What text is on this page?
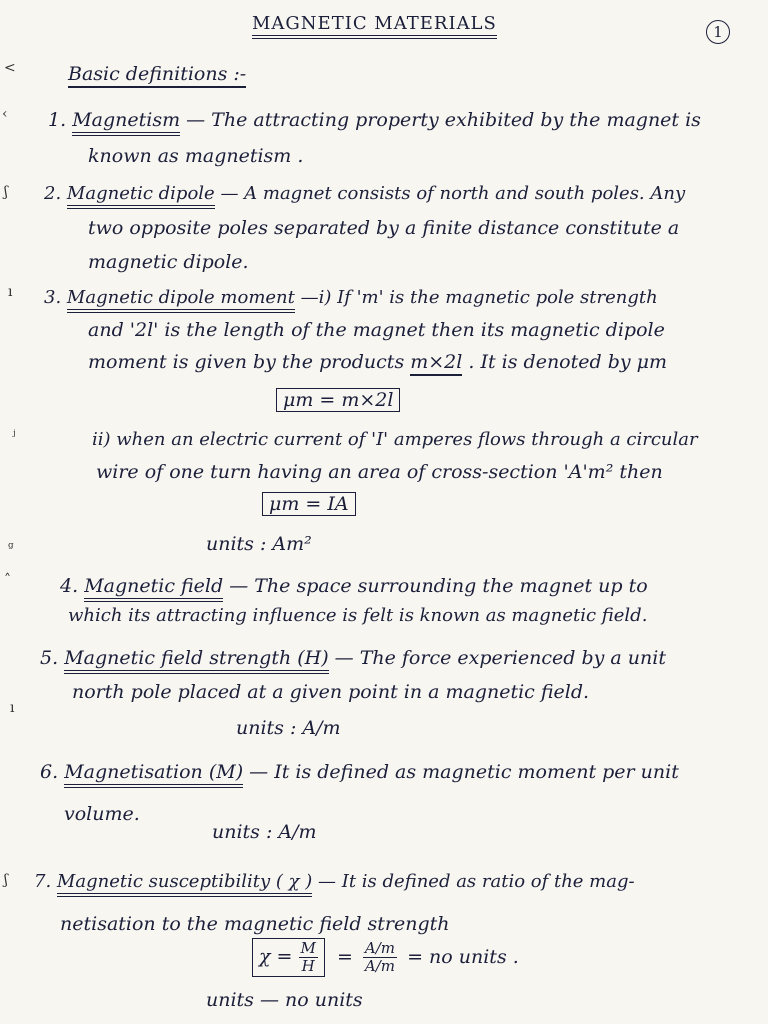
MAGNETIC MATERIALS	1
Basic definitions :-
1. Magnetism — The attracting property exhibited by the magnet is
known as magnetism .
2. Magnetic dipole — A magnet consists of north and south poles. Any
two opposite poles separated by a finite distance constitute a
magnetic dipole.
3. Magnetic dipole moment —i) If 'm' is the magnetic pole strength
and '2l' is the length of the magnet then its magnetic dipole
moment is given by the products m×2l . It is denoted by μm
μm = m×2l
ii) when an electric current of 'I' amperes flows through a circular
wire of one turn having an area of cross-section 'A'm² then
μm = IA
units : Am²
4. Magnetic field — The space surrounding the magnet up to
which its attracting influence is felt is known as magnetic field.
5. Magnetic field strength (H) — The force experienced by a unit
north pole placed at a given point in a magnetic field.
units : A/m
6. Magnetisation (M) — It is defined as magnetic moment per unit
volume.
units : A/m
7. Magnetic susceptibility ( χ ) — It is defined as ratio of the mag-
netisation to the magnetic field strength
$\chi = \frac{M}{H} = \frac{A/m}{A/m}$ = no units .
units — no units
<
‹
ʃ
ı
ʲ
ᵍ
˄
ı
ʃ
